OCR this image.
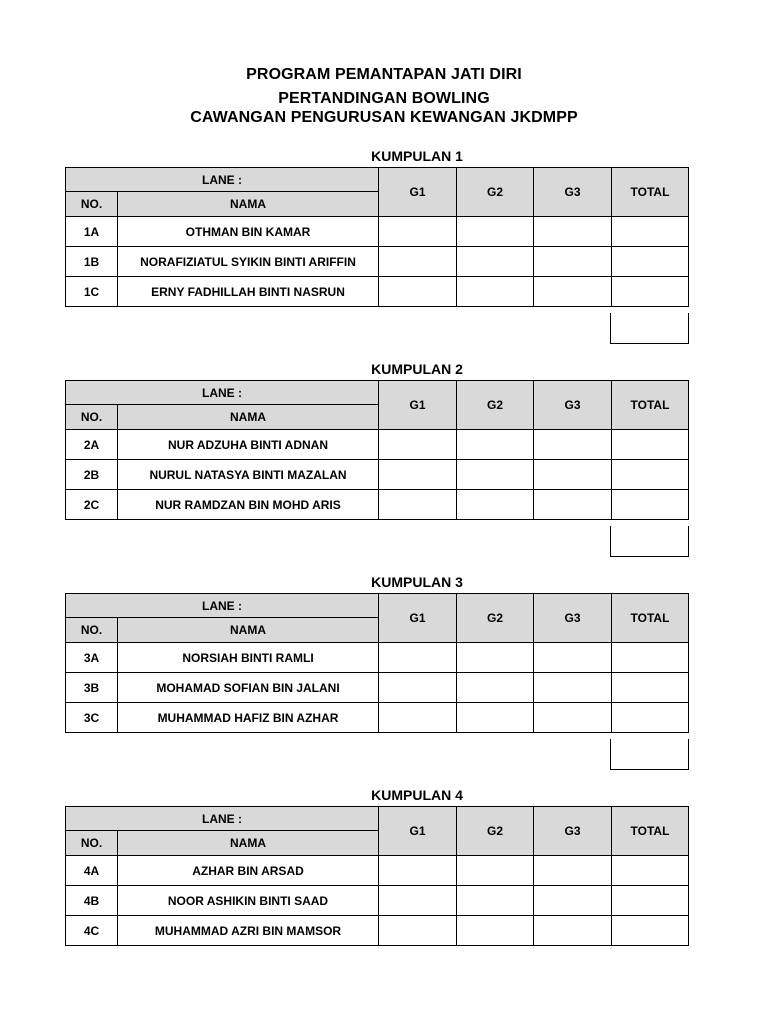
PROGRAM PEMANTAPAN JATI DIRI
PERTANDINGAN BOWLING
CAWANGAN PENGURUSAN KEWANGAN JKDMPP
KUMPULAN 1
LANE :		G1	G2	G3	TOTAL
NO.	NAMA				
1A	OTHMAN BIN KAMAR				
1B	NORAFIZIATUL SYIKIN BINTI ARIFFIN				
1C	ERNY FADHILLAH BINTI NASRUN				
KUMPULAN 2
LANE :		G1	G2	G3	TOTAL
NO.	NAMA				
2A	NUR ADZUHA BINTI ADNAN				
2B	NURUL NATASYA BINTI MAZALAN				
2C	NUR RAMDZAN BIN MOHD ARIS				
KUMPULAN 3
LANE :		G1	G2	G3	TOTAL
NO.	NAMA				
3A	NORSIAH BINTI RAMLI				
3B	MOHAMAD SOFIAN BIN JALANI				
3C	MUHAMMAD HAFIZ BIN AZHAR				
KUMPULAN 4
LANE :		G1	G2	G3	TOTAL
NO.	NAMA				
4A	AZHAR BIN ARSAD				
4B	NOOR ASHIKIN BINTI SAAD				
4C	MUHAMMAD AZRI BIN MAMSOR				
